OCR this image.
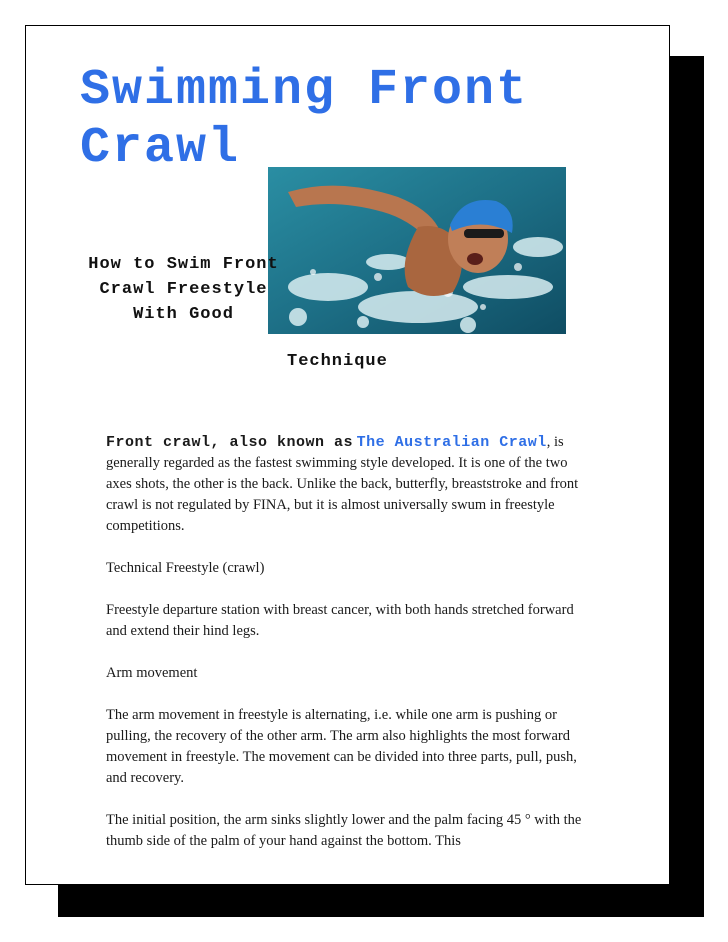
Swimming Front Crawl
How to Swim Front Crawl Freestyle With Good
Technique

Front crawl, also known as The Australian Crawl, is generally regarded as the fastest swimming style developed. It is one of the two axes shots, the other is the back. Unlike the back, butterfly, breaststroke and front crawl is not regulated by FINA, but it is almost universally swum in freestyle competitions.

Technical Freestyle (crawl)

Freestyle departure station with breast cancer, with both hands stretched forward and extend their hind legs.

Arm movement

The arm movement in freestyle is alternating, i.e. while one arm is pushing or pulling, the recovery of the other arm. The arm also highlights the most forward movement in freestyle. The movement can be divided into three parts, pull, push, and recovery.

The initial position, the arm sinks slightly lower and the palm facing 45 ° with the thumb side of the palm of your hand against the bottom. This
